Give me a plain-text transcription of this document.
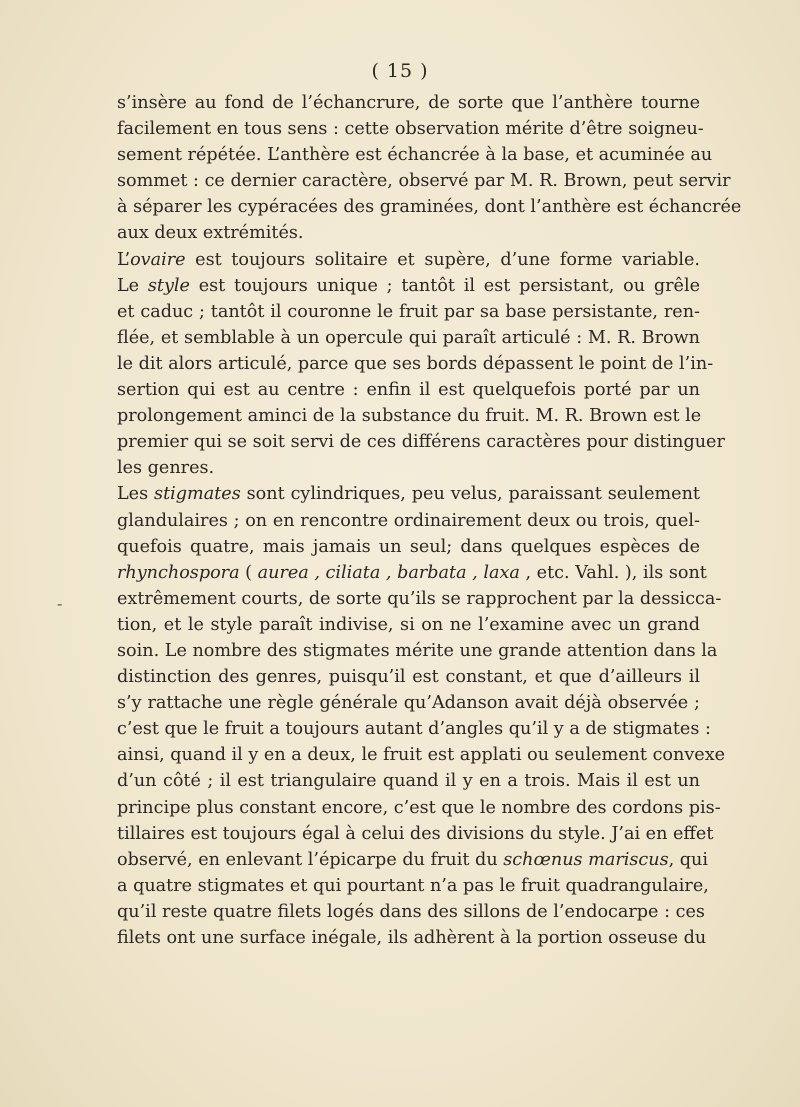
( 15 )
-
s’insère au fond de l’échancrure, de sorte que l’anthère tourne
facilement en tous sens : cette observation mérite d’être soigneu-
sement répétée. L’anthère est échancrée à la base, et acuminée au
sommet : ce dernier caractère, observé par M. R. Brown, peut servir
à séparer les cypéracées des graminées, dont l’anthère est échancrée
aux deux extrémités.
L’ovaire est toujours solitaire et supère, d’une forme variable.
Le style est toujours unique ; tantôt il est persistant, ou grêle
et caduc ; tantôt il couronne le fruit par sa base persistante, ren-
flée, et semblable à un opercule qui paraît articulé : M. R. Brown
le dit alors articulé, parce que ses bords dépassent le point de l’in-
sertion qui est au centre : enfin il est quelquefois porté par un
prolongement aminci de la substance du fruit. M. R. Brown est le
premier qui se soit servi de ces différens caractères pour distinguer
les genres.
Les stigmates sont cylindriques, peu velus, paraissant seulement
glandulaires ; on en rencontre ordinairement deux ou trois, quel-
quefois quatre, mais jamais un seul; dans quelques espèces de
rhynchospora ( aurea , ciliata , barbata , laxa , etc. Vahl. ), ils sont
extrêmement courts, de sorte qu’ils se rapprochent par la dessicca-
tion, et le style paraît indivise, si on ne l’examine avec un grand
soin. Le nombre des stigmates mérite une grande attention dans la
distinction des genres, puisqu’il est constant, et que d’ailleurs il
s’y rattache une règle générale qu’Adanson avait déjà observée ;
c’est que le fruit a toujours autant d’angles qu’il y a de stigmates :
ainsi, quand il y en a deux, le fruit est applati ou seulement convexe
d’un côté ; il est triangulaire quand il y en a trois. Mais il est un
principe plus constant encore, c’est que le nombre des cordons pis-
tillaires est toujours égal à celui des divisions du style. J’ai en effet
observé, en enlevant l’épicarpe du fruit du schœnus mariscus, qui
a quatre stigmates et qui pourtant n’a pas le fruit quadrangulaire,
qu’il reste quatre filets logés dans des sillons de l’endocarpe : ces
filets ont une surface inégale, ils adhèrent à la portion osseuse du
